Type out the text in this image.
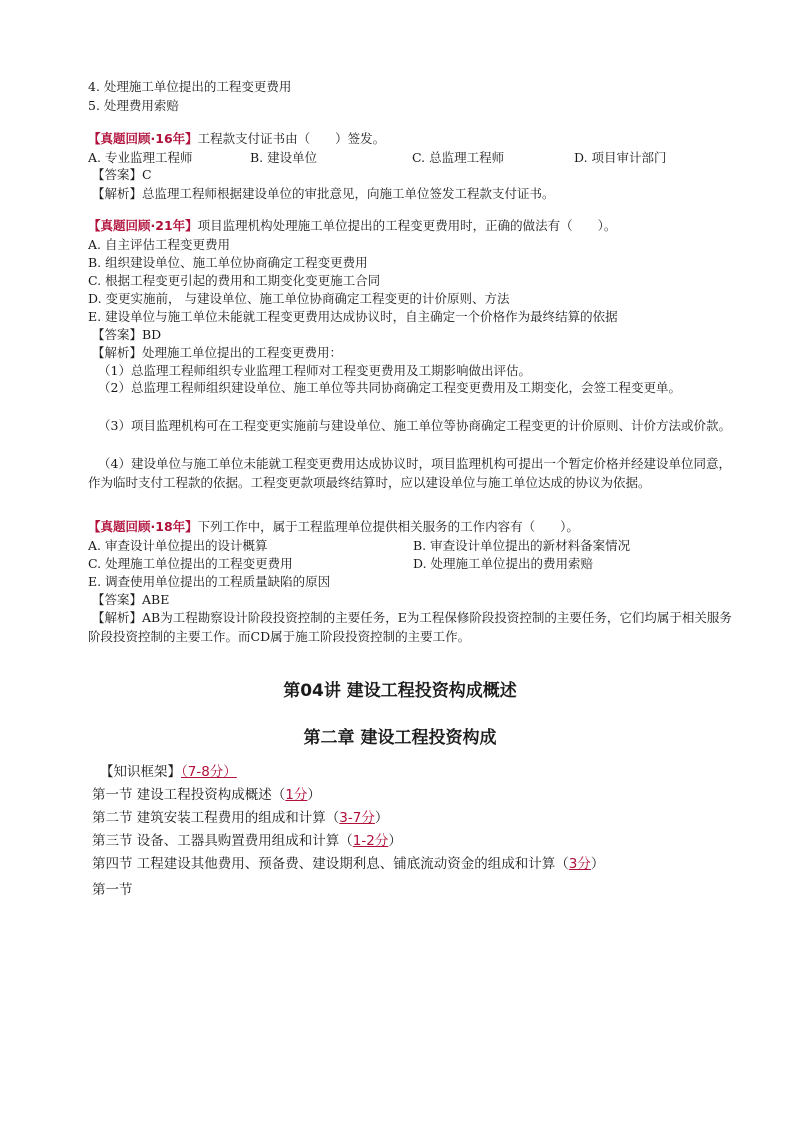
4. 处理施工单位提出的工程变更费用
5. 处理费用索赔
【真题回顾·16年】工程款支付证书由（　　）签发。
A. 专业监理工程师	B. 建设单位	C. 总监理工程师	D. 项目审计部门
【答案】C
【解析】总监理工程师根据建设单位的审批意见，向施工单位签发工程款支付证书。
【真题回顾·21年】项目监理机构处理施工单位提出的工程变更费用时，正确的做法有（　　）。
A. 自主评估工程变更费用
B. 组织建设单位、施工单位协商确定工程变更费用
C. 根据工程变更引起的费用和工期变化变更施工合同
D. 变更实施前， 与建设单位、施工单位协商确定工程变更的计价原则、方法
E. 建设单位与施工单位未能就工程变更费用达成协议时，自主确定一个价格作为最终结算的依据
【答案】BD
【解析】处理施工单位提出的工程变更费用：
（1）总监理工程师组织专业监理工程师对工程变更费用及工期影响做出评估。
（2）总监理工程师组织建设单位、施工单位等共同协商确定工程变更费用及工期变化，会签工程变更单。
（3）项目监理机构可在工程变更实施前与建设单位、施工单位等协商确定工程变更的计价原则、计价方法或价款。
（4）建设单位与施工单位未能就工程变更费用达成协议时，项目监理机构可提出一个暂定价格并经建设单位同意，作为临时支付工程款的依据。工程变更款项最终结算时，应以建设单位与施工单位达成的协议为依据。
【真题回顾·18年】下列工作中，属于工程监理单位提供相关服务的工作内容有（　　）。
A. 审查设计单位提出的设计概算	B. 审查设计单位提出的新材料备案情况
C. 处理施工单位提出的工程变更费用	D. 处理施工单位提出的费用索赔
E. 调查使用单位提出的工程质量缺陷的原因
【答案】ABE
【解析】AB为工程勘察设计阶段投资控制的主要任务，E为工程保修阶段投资控制的主要任务，它们均属于相关服务阶段投资控制的主要工作。而CD属于施工阶段投资控制的主要工作。
第04讲 建设工程投资构成概述
第二章 建设工程投资构成
【知识框架】（7-8分）
第一节 建设工程投资构成概述（1分）
第二节 建筑安装工程费用的组成和计算（3-7分）
第三节 设备、工器具购置费用组成和计算（1-2分）
第四节 工程建设其他费用、预备费、建设期利息、铺底流动资金的组成和计算（3分）
第一节
